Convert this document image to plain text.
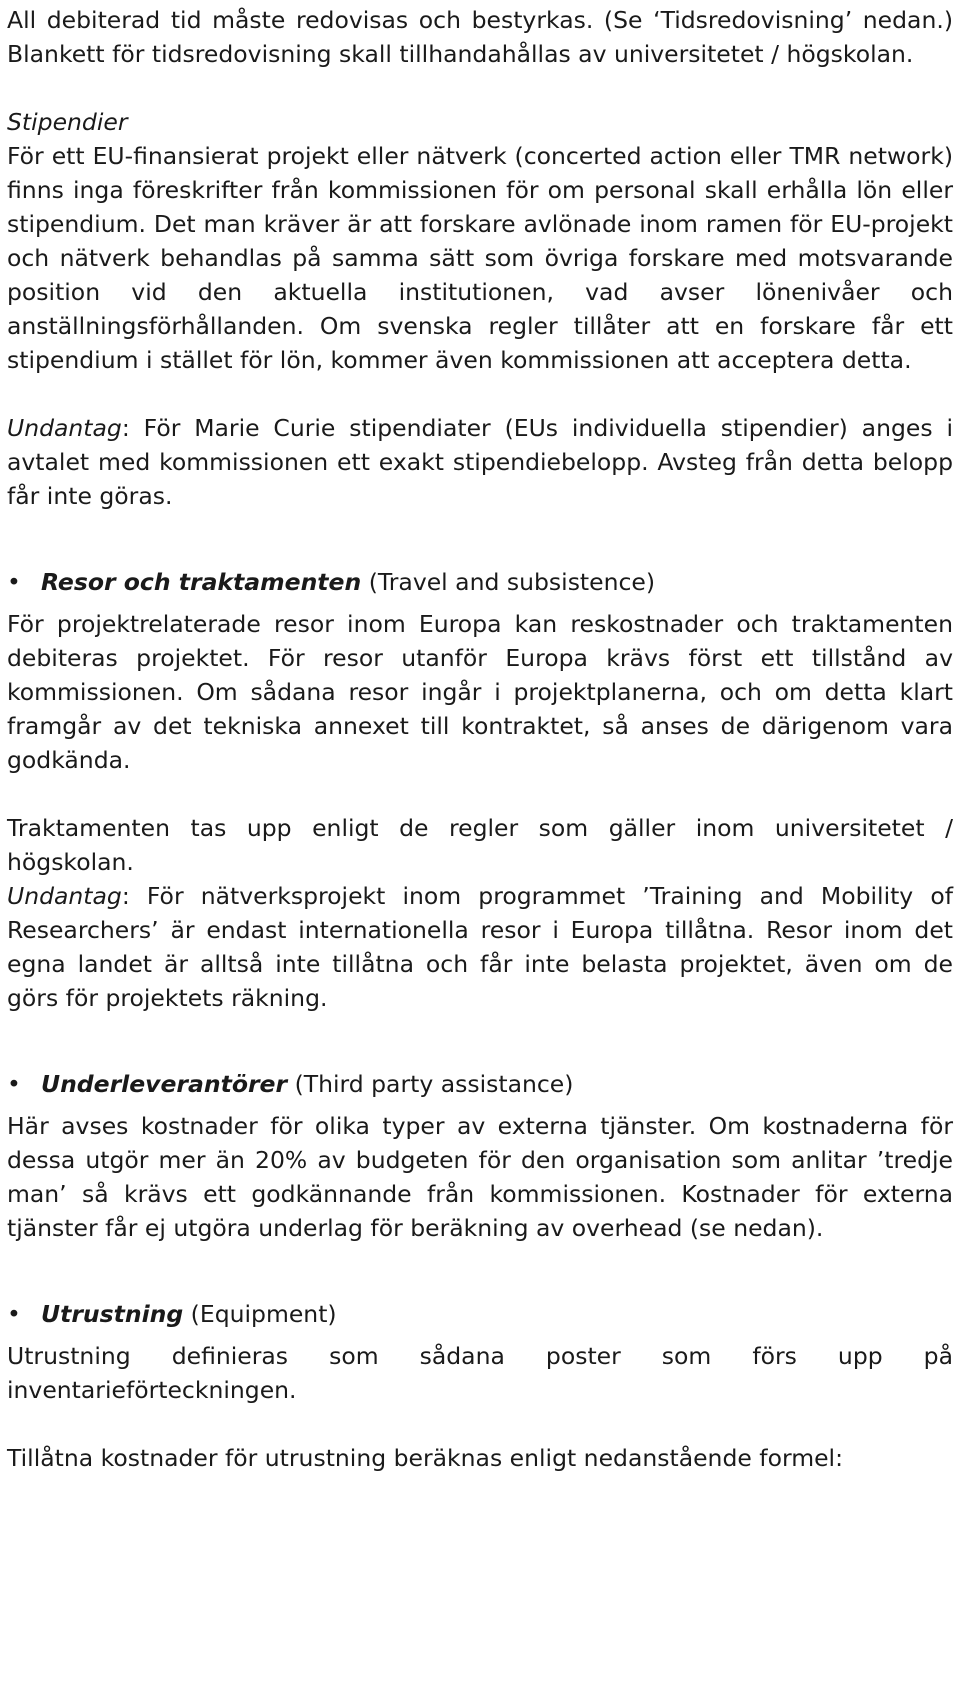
All debiterad tid måste redovisas och bestyrkas. (Se ‘Tidsredovisning’ nedan.) Blankett för tidsredovisning skall tillhandahållas av universitetet / högskolan.

Stipendier

För ett EU-finansierat projekt eller nätverk (concerted action eller TMR network) finns inga föreskrifter från kommissionen för om personal skall erhålla lön eller stipendium. Det man kräver är att forskare avlönade inom ramen för EU-projekt och nätverk behandlas på samma sätt som övriga forskare med motsvarande position vid den aktuella institutionen, vad avser lönenivåer och anställningsförhållanden. Om svenska regler tillåter att en forskare får ett stipendium i stället för lön, kommer även kommissionen att acceptera detta.

Undantag: För Marie Curie stipendiater (EUs individuella stipendier) anges i avtalet med kommissionen ett exakt stipendiebelopp. Avsteg från detta belopp får inte göras.

• Resor och traktamenten (Travel and subsistence)

För projektrelaterade resor inom Europa kan reskostnader och traktamenten debiteras projektet. För resor utanför Europa krävs först ett tillstånd av kommissionen. Om sådana resor ingår i projektplanerna, och om detta klart framgår av det tekniska annexet till kontraktet, så anses de därigenom vara godkända.

Traktamenten tas upp enligt de regler som gäller inom universitetet / högskolan.

Undantag: För nätverksprojekt inom programmet ’Training and Mobility of Researchers’ är endast internationella resor i Europa tillåtna. Resor inom det egna landet är alltså inte tillåtna och får inte belasta projektet, även om de görs för projektets räkning.

• Underleverantörer (Third party assistance)

Här avses kostnader för olika typer av externa tjänster. Om kostnaderna för dessa utgör mer än 20% av budgeten för den organisation som anlitar ’tredje man’ så krävs ett godkännande från kommissionen. Kostnader för externa tjänster får ej utgöra underlag för beräkning av overhead (se nedan).

• Utrustning (Equipment)

Utrustning definieras som sådana poster som förs upp på inventarieförteckningen.

Tillåtna kostnader för utrustning beräknas enligt nedanstående formel:
